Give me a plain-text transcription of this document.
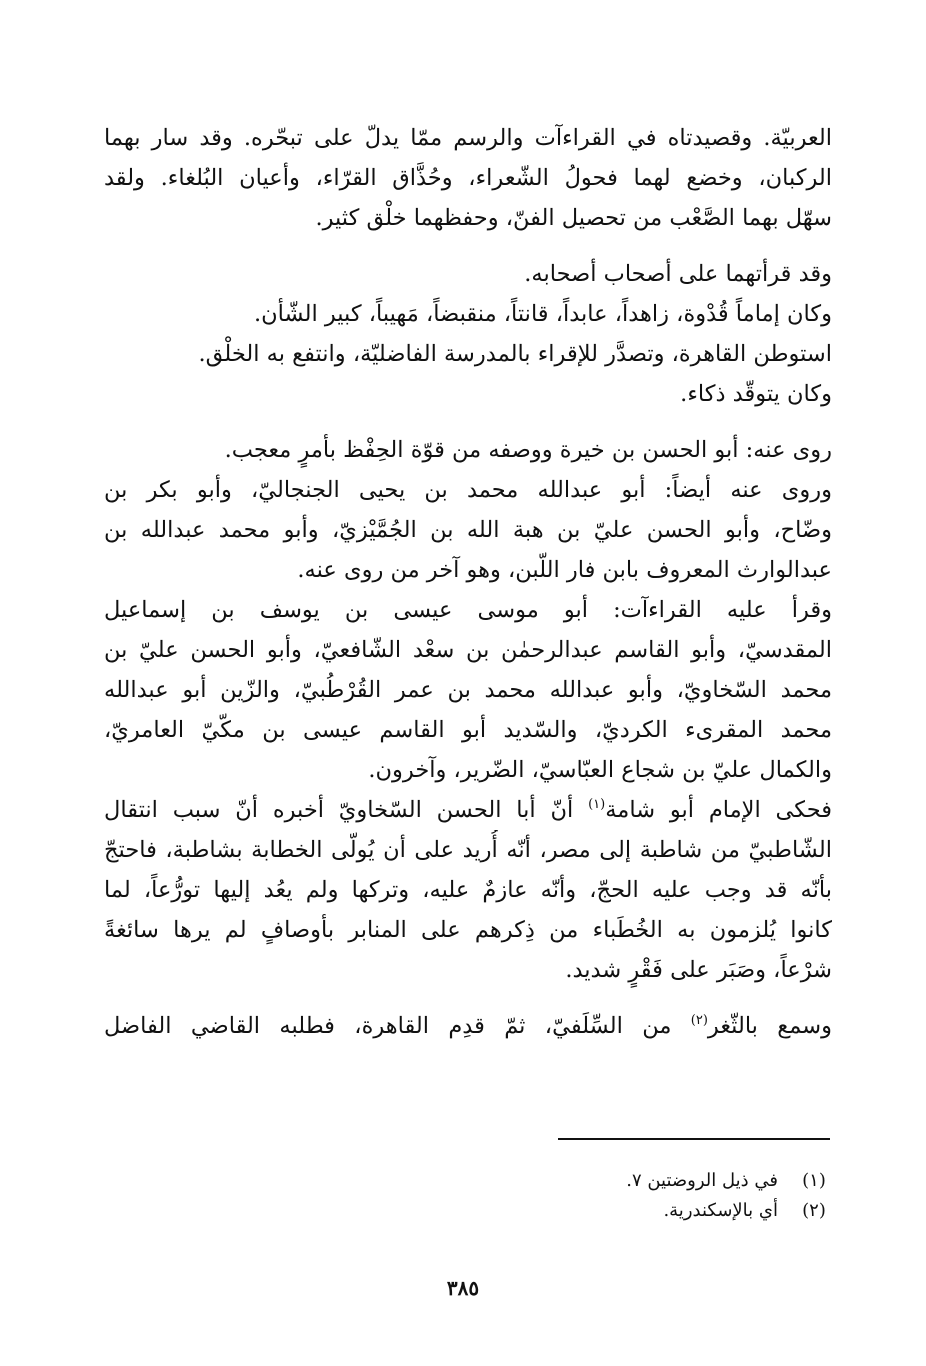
العربيّة. وقصيدتاه في القراءآت والرسم ممّا يدلّ على تبحّره. وقد سار بهما
الركبان، وخضع لهما فحولُ الشّعراء، وحُذَّاق القرّاء، وأعيان البُلغاء. ولقد
سهّل بهما الصَّعْب من تحصيل الفنّ، وحفظهما خلْق كثير.
وقد قرأتهما على أصحاب أصحابه.
وكان إماماً قُدْوة، زاهداً، عابداً، قانتاً، منقبضاً، مَهيباً، كبير الشّأن.
استوطن القاهرة، وتصدَّر للإقراء بالمدرسة الفاضليّة، وانتفع به الخلْق.
وكان يتوقّد ذكاء.
روى عنه: أبو الحسن بن خيرة ووصفه من قوّة الحِفْظ بأمرٍ معجب.
وروى عنه أيضاً: أبو عبدالله محمد بن يحيى الجنجاليّ، وأبو بكر بن
وضّاح، وأبو الحسن عليّ بن هبة الله بن الجُمَّيْزيّ، وأبو محمد عبدالله بن
عبدالوارث المعروف بابن فار اللّبن، وهو آخر من روى عنه.
وقرأ عليه القراءآت: أبو موسى عيسى بن يوسف بن إسماعيل
المقدسيّ، وأبو القاسم عبدالرحمٰن بن سعْد الشّافعيّ، وأبو الحسن عليّ بن
محمد السّخاويّ، وأبو عبدالله محمد بن عمر القُرْطُبيّ، والزّين أبو عبدالله
محمد المقرىء الكرديّ، والسّديد أبو القاسم عيسى بن مكّيّ العامريّ،
والكمال عليّ بن شجاع العبّاسيّ، الضّرير، وآخرون.
فحكى الإمام أبو شامة$^{(١)}$ أنّ أبا الحسن السّخاويّ أخبره أنّ سبب انتقال
الشّاطبيّ من شاطبة إلى مصر، أنّه أُريد على أن يُولّى الخطابة بشاطبة، فاحتجّ
بأنّه قد وجب عليه الحجّ، وأنّه عازمٌ عليه، وتركها ولم يعُد إليها تورُّعاً، لما
كانوا يُلزمون به الخُطَباء من ذِكرهم على المنابر بأوصافٍ لم يرها سائغةً
شرْعاً، وصَبَر على فَقْرٍ شديد.
وسمع بالثّغر$^{(٢)}$ من السِّلَفيّ، ثمّ قدِم القاهرة، فطلبه القاضي الفاضل
(١)في ذيل الروضتين ٧.
(٢)أي بالإسكندرية.
٣٨٥
